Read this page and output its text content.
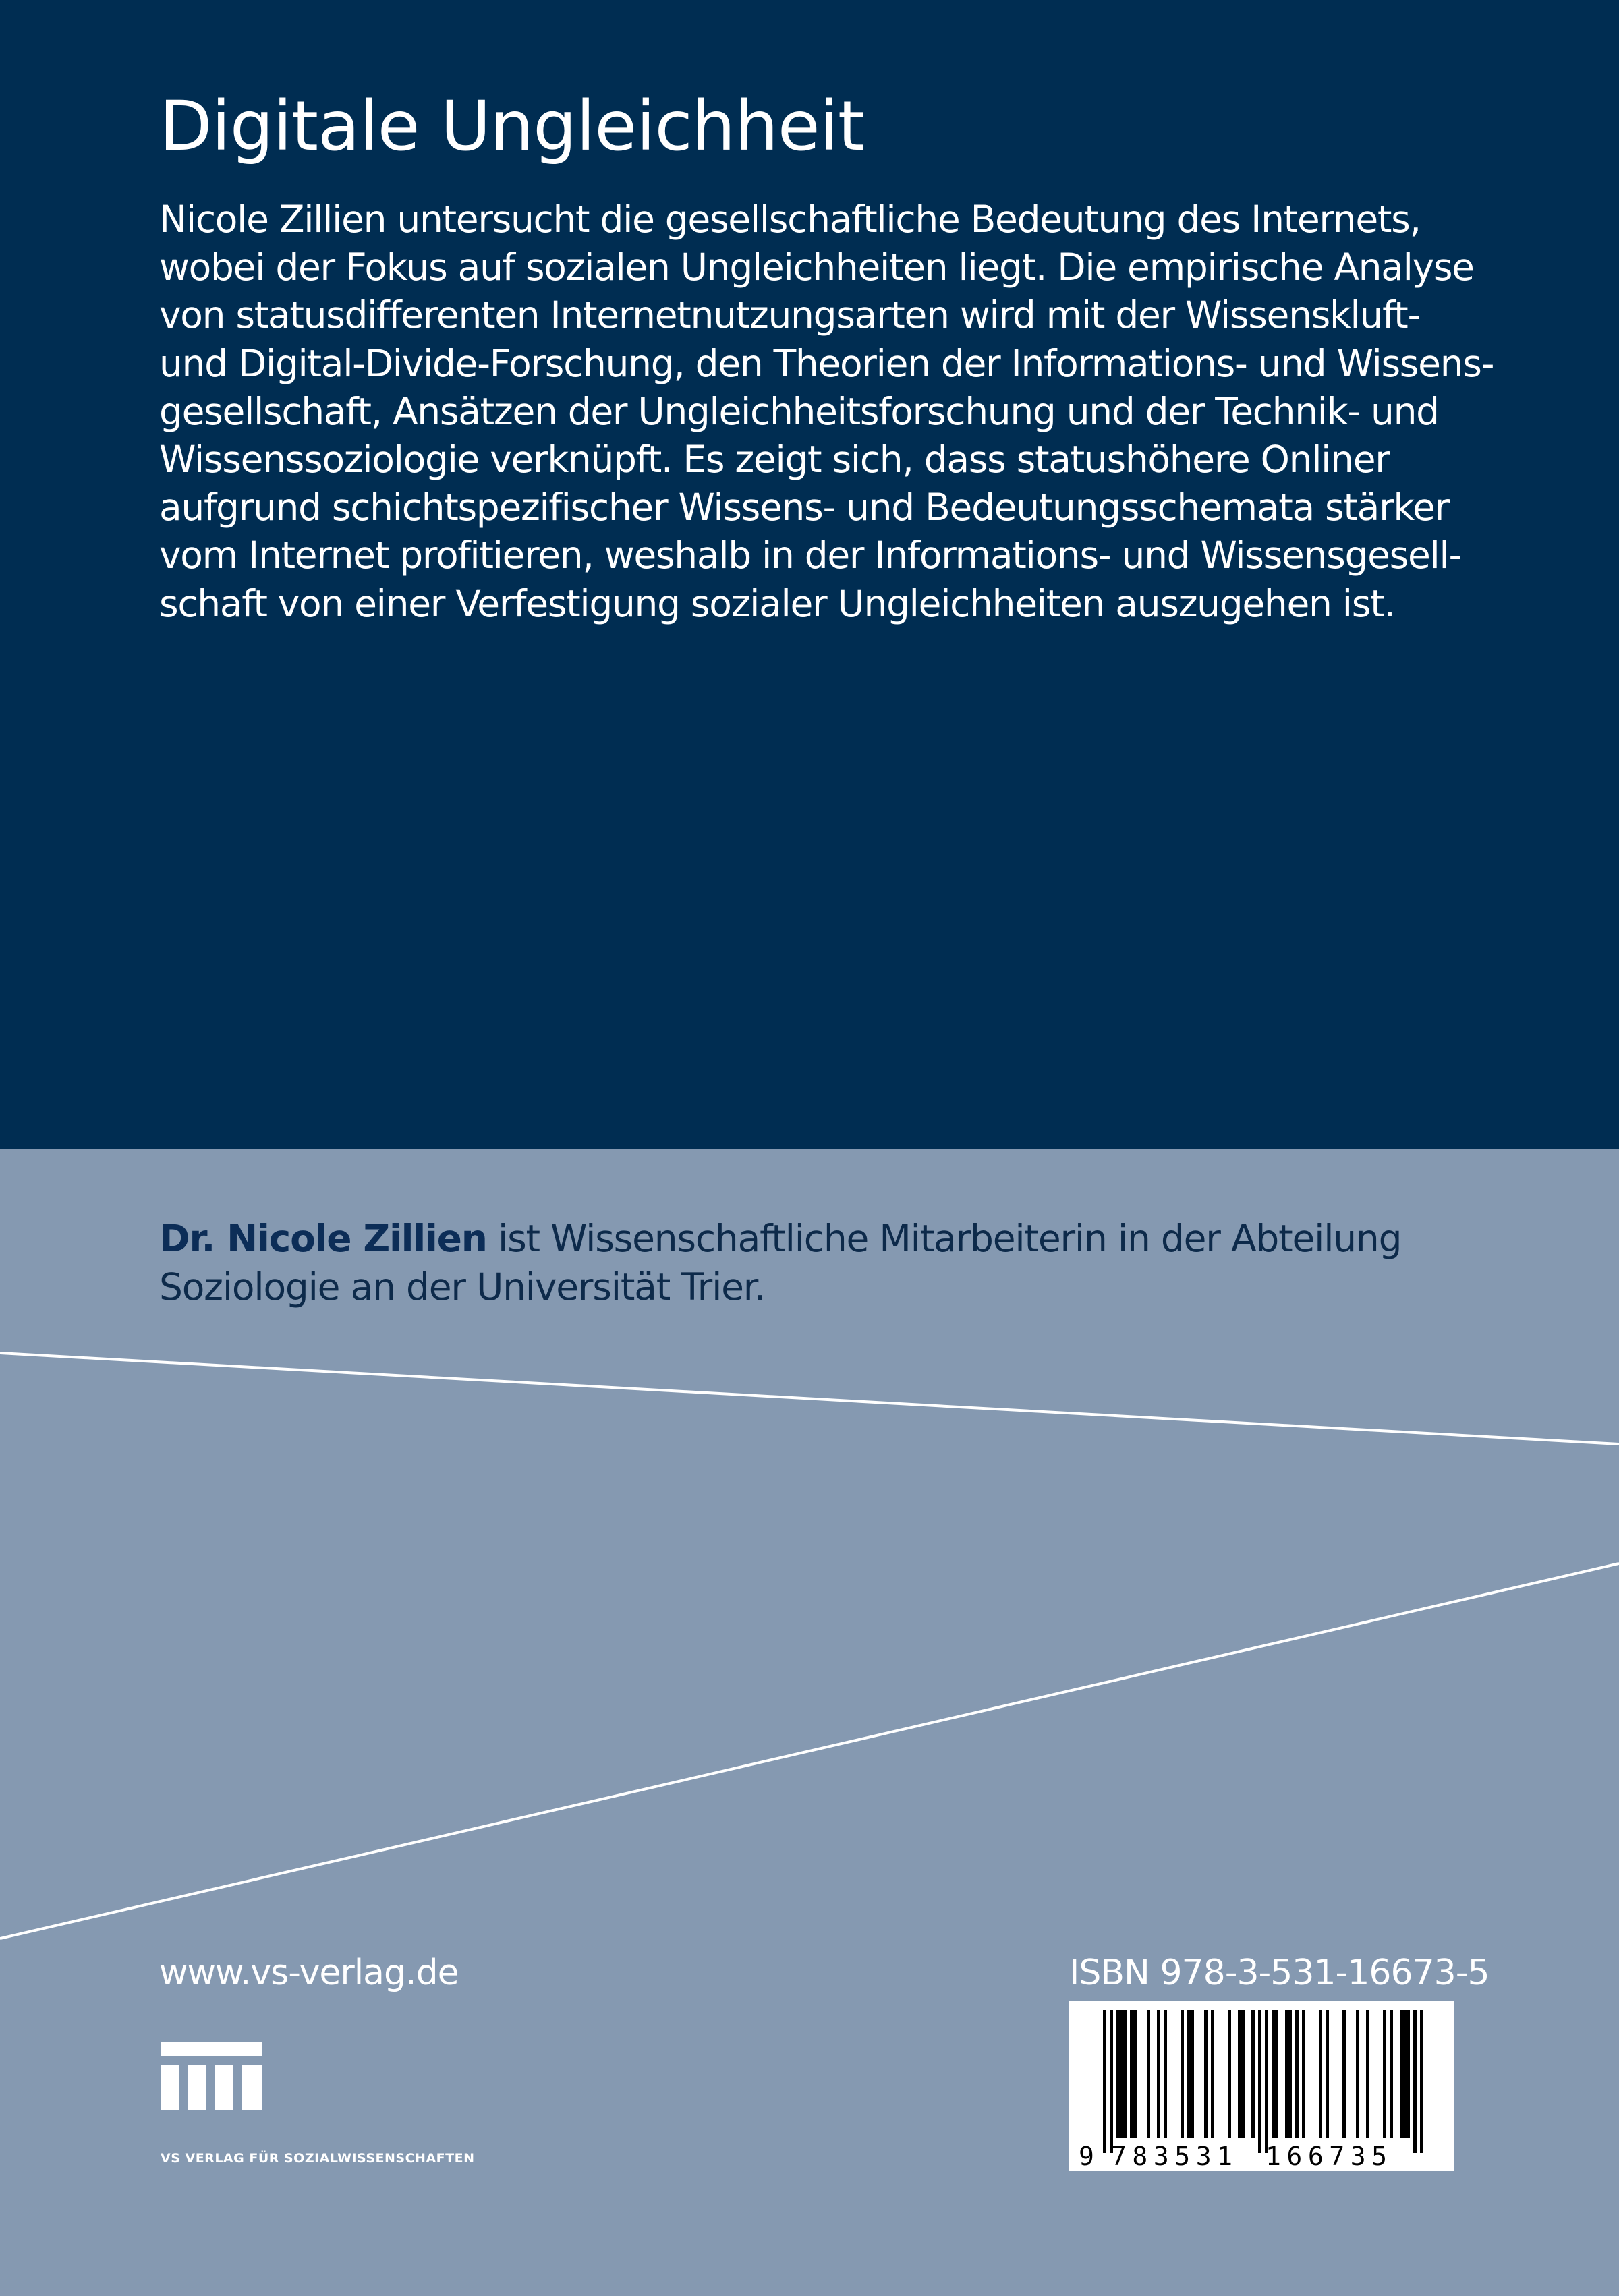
Digitale Ungleichheit

Nicole Zillien untersucht die gesellschaftliche Bedeutung des Internets,
wobei der Fokus auf sozialen Ungleichheiten liegt. Die empirische Analyse
von statusdifferenten Internetnutzungsarten wird mit der Wissenskluft-
und Digital-Divide-Forschung, den Theorien der Informations- und Wissens-
gesellschaft, Ansätzen der Ungleichheitsforschung und der Technik- und
Wissenssoziologie verknüpft. Es zeigt sich, dass statushöhere Onliner
aufgrund schichtspezifischer Wissens- und Bedeutungsschemata stärker
vom Internet profitieren, weshalb in der Informations- und Wissensgesell-
schaft von einer Verfestigung sozialer Ungleichheiten auszugehen ist.

Dr. Nicole Zillien ist Wissenschaftliche Mitarbeiterin in der Abteilung
Soziologie an der Universität Trier.

www.vs-verlag.de
VS VERLAG FÜR SOZIALWISSENSCHAFTEN
ISBN 978-3-531-16673-5
9 783531 166735
